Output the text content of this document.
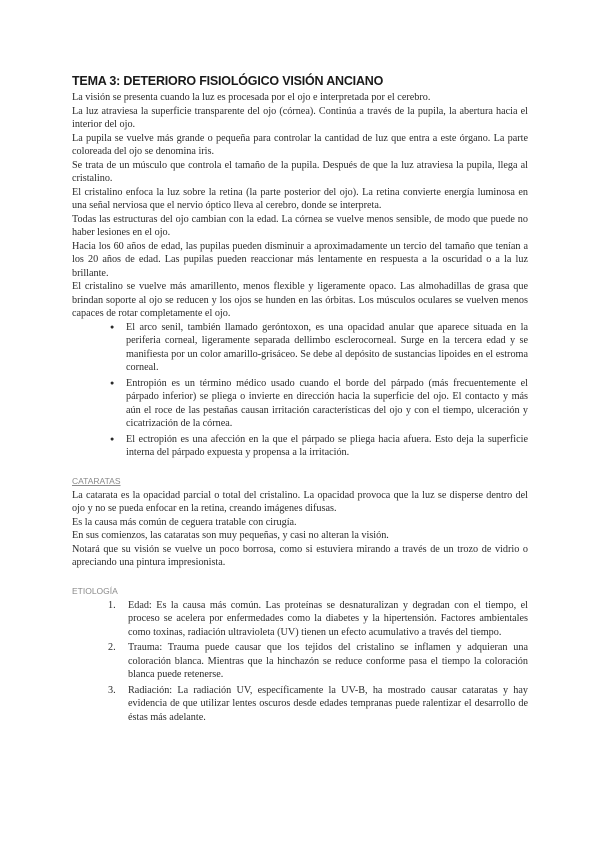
TEMA 3: DETERIORO FISIOLÓGICO VISIÓN ANCIANO

La visión se presenta cuando la luz es procesada por el ojo e interpretada por el cerebro.

La luz atraviesa la superficie transparente del ojo (córnea). Continúa a través de la pupila, la abertura hacia el interior del ojo.

La pupila se vuelve más grande o pequeña para controlar la cantidad de luz que entra a este órgano. La parte coloreada del ojo se denomina iris.

Se trata de un músculo que controla el tamaño de la pupila. Después de que la luz atraviesa la pupila, llega al cristalino.

El cristalino enfoca la luz sobre la retina (la parte posterior del ojo). La retina convierte energía luminosa en una señal nerviosa que el nervio óptico lleva al cerebro, donde se interpreta.

Todas las estructuras del ojo cambian con la edad. La córnea se vuelve menos sensible, de modo que puede no haber lesiones en el ojo.

Hacia los 60 años de edad, las pupilas pueden disminuir a aproximadamente un tercio del tamaño que tenían a los 20 años de edad. Las pupilas pueden reaccionar más lentamente en respuesta a la oscuridad o a la luz brillante.

El cristalino se vuelve más amarillento, menos flexible y ligeramente opaco. Las almohadillas de grasa que brindan soporte al ojo se reducen y los ojos se hunden en las órbitas. Los músculos oculares se vuelven menos capaces de rotar completamente el ojo.

● El arco senil, también llamado geróntoxon, es una opacidad anular que aparece situada en la periferia corneal, ligeramente separada dellimbo esclerocorneal. Surge en la tercera edad y se manifiesta por un color amarillo-grisáceo. Se debe al depósito de sustancias lipoides en el estroma corneal.
● Entropión es un término médico usado cuando el borde del párpado (más frecuentemente el párpado inferior) se pliega o invierte en dirección hacia la superficie del ojo. El contacto y más aún el roce de las pestañas causan irritación características del ojo y con el tiempo, ulceración y cicatrización de la córnea.
● El ectropión es una afección en la que el párpado se pliega hacia afuera. Esto deja la superficie interna del párpado expuesta y propensa a la irritación.
CATARATAS

La catarata es la opacidad parcial o total del cristalino. La opacidad provoca que la luz se disperse dentro del ojo y no se pueda enfocar en la retina, creando imágenes difusas.

Es la causa más común de ceguera tratable con cirugía.

En sus comienzos, las cataratas son muy pequeñas, y casi no alteran la visión.

Notará que su visión se vuelve un poco borrosa, como si estuviera mirando a través de un trozo de vidrio o apreciando una pintura impresionista.

ETIOLOGÍA
1. Edad: Es la causa más común. Las proteínas se desnaturalizan y degradan con el tiempo, el proceso se acelera por enfermedades como la diabetes y la hipertensión. Factores ambientales como toxinas, radiación ultravioleta (UV) tienen un efecto acumulativo a través del tiempo.
2. Trauma: Trauma puede causar que los tejidos del cristalino se inflamen y adquieran una coloración blanca. Mientras que la hinchazón se reduce conforme pasa el tiempo la coloración blanca puede retenerse.
3. Radiación: La radiación UV, específicamente la UV-B, ha mostrado causar cataratas y hay evidencia de que utilizar lentes oscuros desde edades tempranas puede ralentizar el desarrollo de éstas más adelante.
